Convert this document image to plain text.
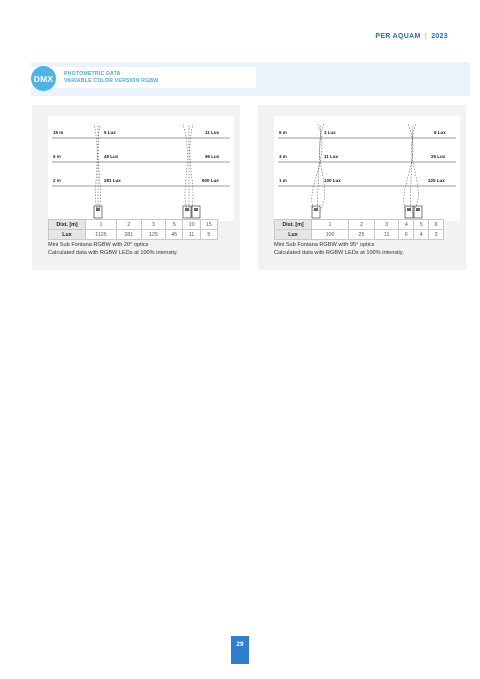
PER AQUAM | 2023
DMX	PHOTOMETRIC DATA
VARIABLE COLOR VERSION RGBW
15 m	5 Lux	11 Lux
5 m	45 Lux	96 Lux
2 m	281 Lux	600 Lux
Dist. [m]	1	2	3	5	10	15
Lux	1125	281	125	45	11	5
Mini Sub Fontana RGBW with 20° optics
Calculated data with RGBW LEDs at 100% intensity.
6 m	3 Lux	6 Lux
3 m	11 Lux	25 Lux
1 m	100 Lux	225 Lux
Dist. [m]	1	2	3	4	5	6
Lux	100	25	11	6	4	3
Mini Sub Fontana RGBW with 95° optics
Calculated data with RGBW LEDs at 100% intensity.
29
